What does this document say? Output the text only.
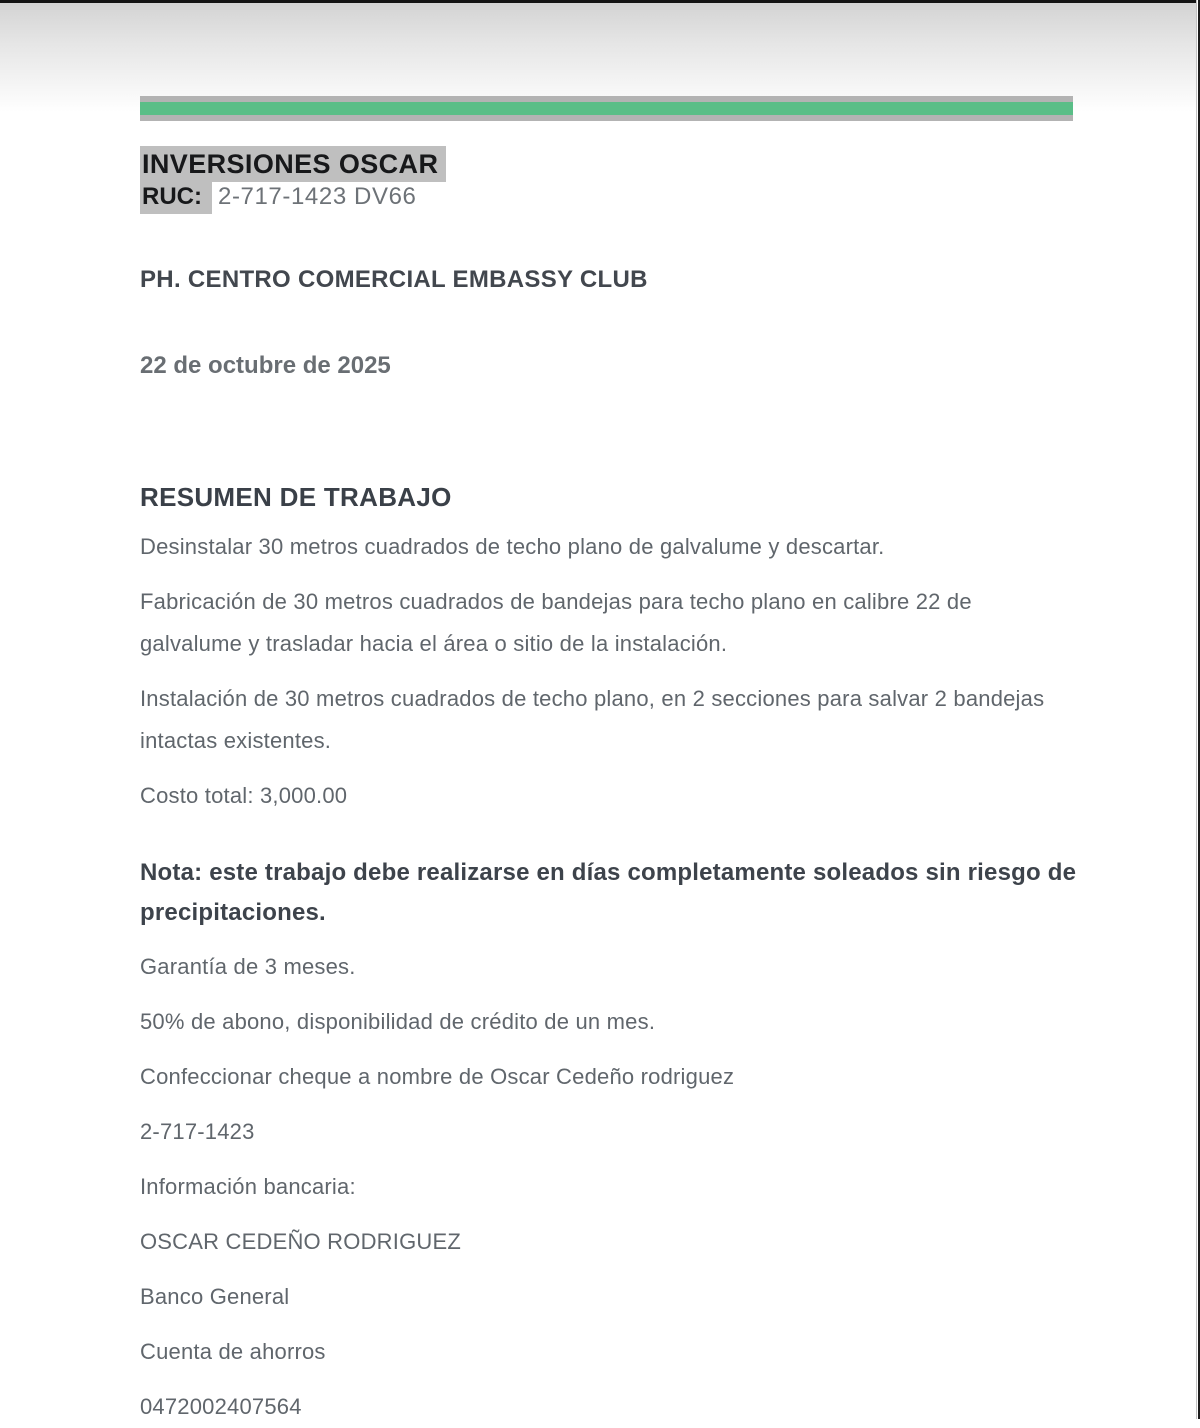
INVERSIONES OSCAR
RUC: 2-717-1423 DV66
PH. CENTRO COMERCIAL EMBASSY CLUB
22 de octubre de 2025
RESUMEN DE TRABAJO

Desinstalar 30 metros cuadrados de techo plano de galvalume y descartar.

Fabricación de 30 metros cuadrados de bandejas para techo plano en calibre 22 de galvalume y trasladar hacia el área o sitio de la instalación.

Instalación de 30 metros cuadrados de techo plano, en 2 secciones para salvar 2 bandejas intactas existentes.

Costo total: 3,000.00

Nota: este trabajo debe realizarse en días completamente soleados sin riesgo de precipitaciones.

Garantía de 3 meses.

50% de abono, disponibilidad de crédito de un mes.

Confeccionar cheque a nombre de Oscar Cedeño rodriguez

2-717-1423

Información bancaria:

OSCAR CEDEÑO RODRIGUEZ

Banco General

Cuenta de ahorros

0472002407564
